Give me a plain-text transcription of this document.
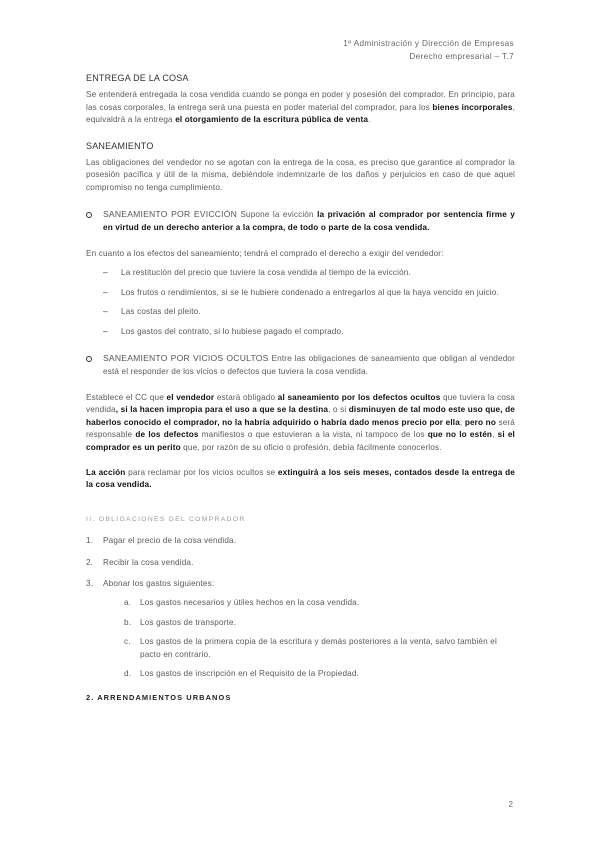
1º Administración y Dirección de Empresas
Derecho empresarial – T.7
ENTREGA DE LA COSA

Se entenderá entregada la cosa vendida cuando se ponga en poder y posesión del comprador. En principio, para las cosas corporales, la entrega será una puesta en poder material del comprador, para los bienes incorporales, equivaldrá a la entrega el otorgamiento de la escritura pública de venta.

SANEAMIENTO

Las obligaciones del vendedor no se agotan con la entrega de la cosa, es preciso que garantice al comprador la posesión pacífica y útil de la misma, debiéndole indemnizarle de los daños y perjuicios en caso de que aquel compromiso no tenga cumplimiento.

SANEAMIENTO POR EVICCIÓN Supone la evicción la privación al comprador por sentencia firme y en virtud de un derecho anterior a la compra, de todo o parte de la cosa vendida.

En cuanto a los efectos del saneamiento; tendrá el comprado el derecho a exigir del vendedor:

– La restitución del precio que tuviere la cosa vendida al tiempo de la evicción.
– Los frutos o rendimientos, si se le hubiere condenado a entregarlos al que la haya vencido en juicio.
– Las costas del pleito.
– Los gastos del contrato, si lo hubiese pagado el comprado.
SANEAMIENTO POR VICIOS OCULTOS Entre las obligaciones de saneamiento que obligan al vendedor está el responder de los vicios o defectos que tuviera la cosa vendida.

Establece el CC que el vendedor estará obligado al saneamiento por los defectos ocultos que tuviera la cosa vendida, si la hacen impropia para el uso a que se la destina, o si disminuyen de tal modo este uso que, de haberlos conocido el comprador, no la habría adquirido o habría dado menos precio por ella; pero no será responsable de los defectos manifiestos o que estuvieran a la vista, ni tampoco de los que no lo estén, si el comprador es un perito que, por razón de su oficio o profesión, debía fácilmente conocerlos.

La acción para reclamar por los vicios ocultos se extinguirá a los seis meses, contados desde la entrega de la cosa vendida.

II. OBLIGACIONES DEL COMPRADOR
1. Pagar el precio de la cosa vendida.
2. Recibir la cosa vendida.
3. Abonar los gastos siguientes:
a. Los gastos necesarios y útiles hechos en la cosa vendida.
b. Los gastos de transporte.
c. Los gastos de la primera copia de la escritura y demás posteriores a la venta, salvo también el pacto en contrario.
d. Los gastos de inscripción en el Requisito de la Propiedad.
2. ARRENDAMIENTOS URBANOS
2
